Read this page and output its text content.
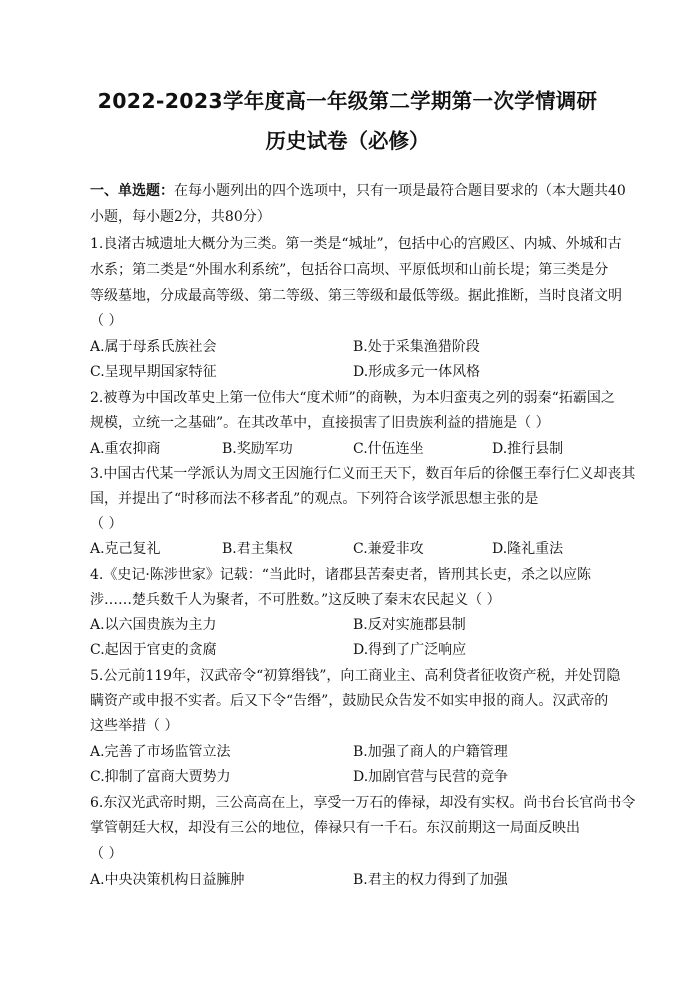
2022-2023学年度高一年级第二学期第一次学情调研
历史试卷（必修）
一、单选题：在每小题列出的四个选项中，只有一项是最符合题目要求的（本大题共40
小题，每小题2分，共80分）
1.良渚古城遗址大概分为三类。第一类是“城址”，包括中心的宫殿区、内城、外城和古
水系；第二类是“外围水利系统”，包括谷口高坝、平原低坝和山前长堤；第三类是分
等级墓地，分成最高等级、第二等级、第三等级和最低等级。据此推断，当时良渚文明
（ ）
A.属于母系氏族社会	B.处于采集渔猎阶段
C.呈现早期国家特征	D.形成多元一体风格
2.被尊为中国改革史上第一位伟大“度术师”的商鞅，为本归蛮夷之列的弱秦“拓霸国之
规模，立统一之基础”。在其改革中，直接损害了旧贵族利益的措施是（ ）
A.重农抑商	B.奖励军功	C.什伍连坐	D.推行县制
3.中国古代某一学派认为周文王因施行仁义而王天下，数百年后的徐偃王奉行仁义却丧其
国，并提出了“时移而法不移者乱”的观点。下列符合该学派思想主张的是
（ ）
A.克己复礼	B.君主集权	C.兼爱非攻	D.隆礼重法
4.《史记·陈涉世家》记载：“当此时，诸郡县苦秦吏者，皆刑其长吏，杀之以应陈
涉……楚兵数千人为聚者，不可胜数。”这反映了秦末农民起义（ ）
A.以六国贵族为主力	B.反对实施郡县制
C.起因于官吏的贪腐	D.得到了广泛响应
5.公元前119年，汉武帝令“初算缗钱”，向工商业主、高利贷者征收资产税，并处罚隐
瞒资产或申报不实者。后又下令“告缗”，鼓励民众告发不如实申报的商人。汉武帝的
这些举措（ ）
A.完善了市场监管立法	B.加强了商人的户籍管理
C.抑制了富商大贾势力	D.加剧官营与民营的竞争
6.东汉光武帝时期，三公高高在上，享受一万石的俸禄，却没有实权。尚书台长官尚书令
掌管朝廷大权，却没有三公的地位，俸禄只有一千石。东汉前期这一局面反映出
（ ）
A.中央决策机构日益臃肿	B.君主的权力得到了加强
